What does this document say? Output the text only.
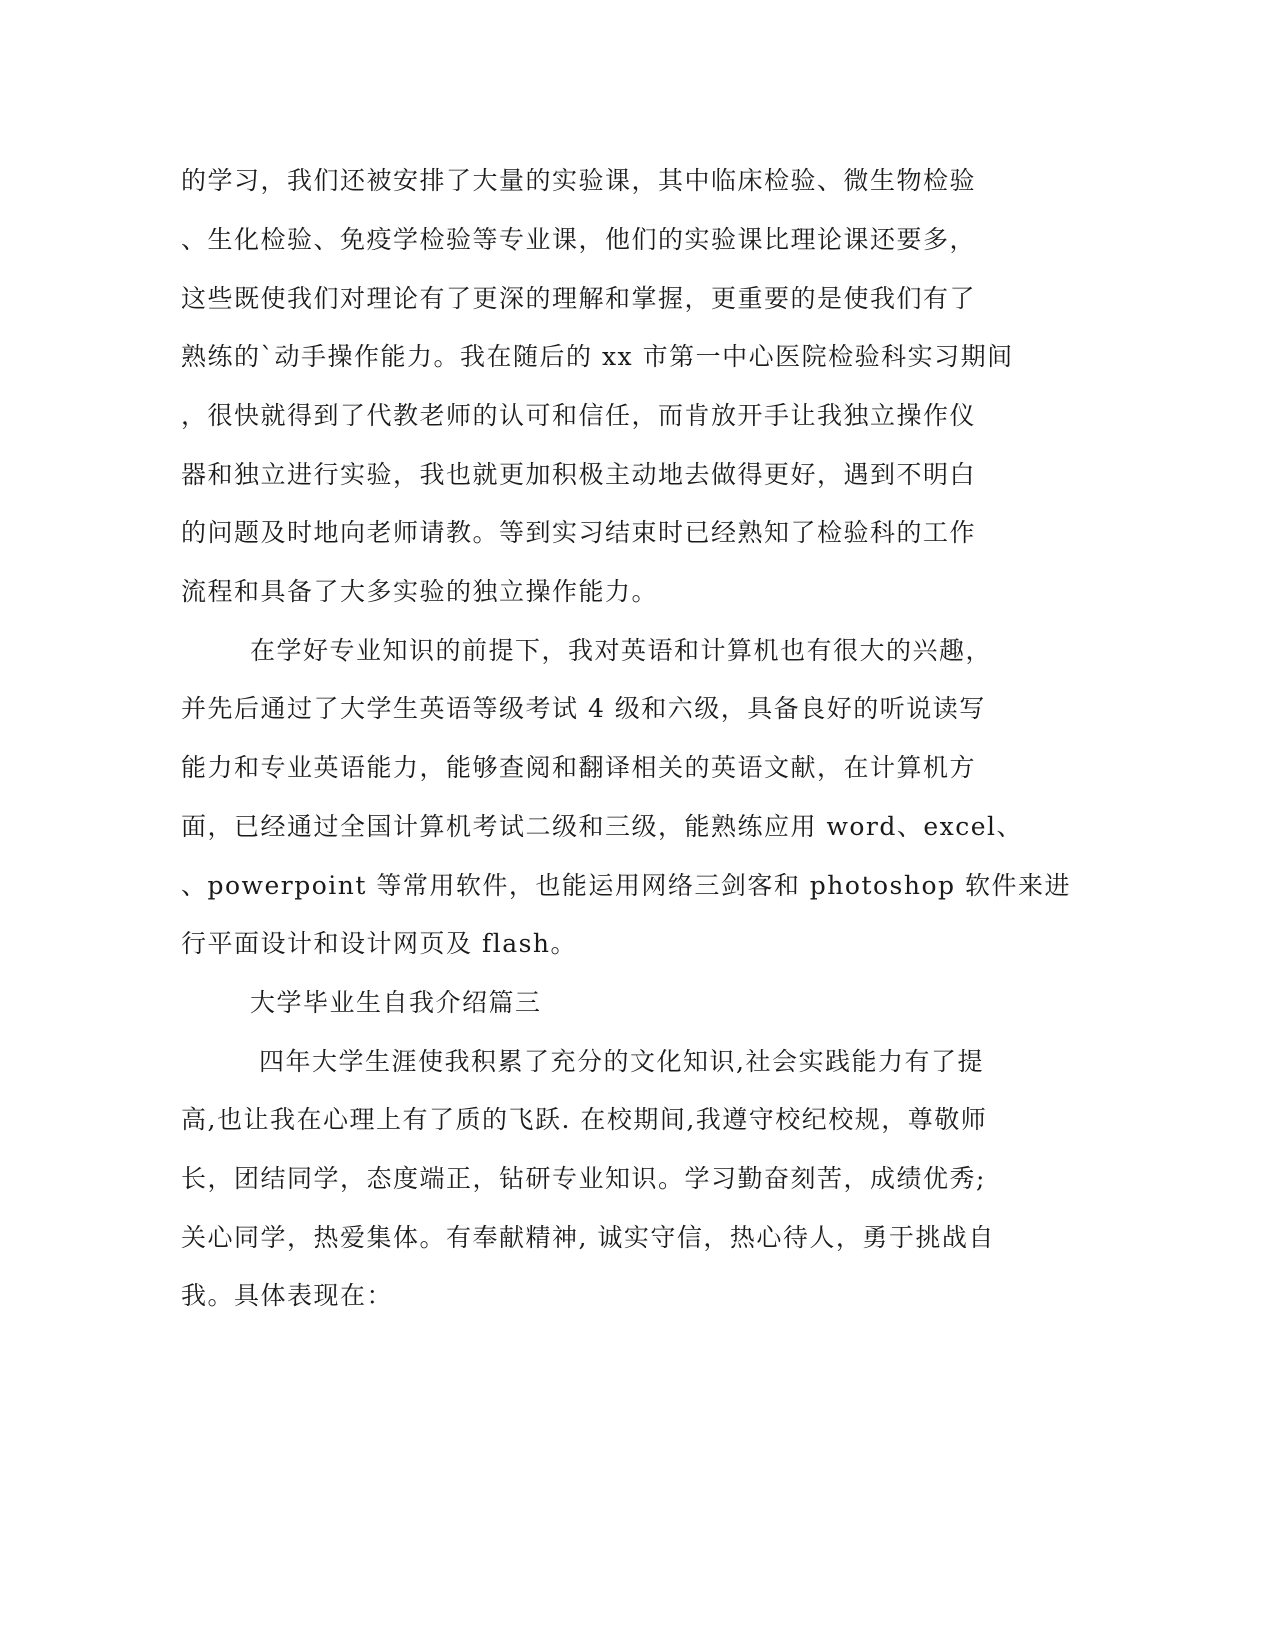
的学习，我们还被安排了大量的实验课，其中临床检验、微生物检验
、生化检验、免疫学检验等专业课，他们的实验课比理论课还要多，
这些既使我们对理论有了更深的理解和掌握，更重要的是使我们有了
熟练的`动手操作能力。我在随后的 xx 市第一中心医院检验科实习期间
，很快就得到了代教老师的认可和信任，而肯放开手让我独立操作仪
器和独立进行实验，我也就更加积极主动地去做得更好，遇到不明白
的问题及时地向老师请教。等到实习结束时已经熟知了检验科的工作
流程和具备了大多实验的独立操作能力。
在学好专业知识的前提下，我对英语和计算机也有很大的兴趣，
并先后通过了大学生英语等级考试 4 级和六级，具备良好的听说读写
能力和专业英语能力，能够查阅和翻译相关的英语文献，在计算机方
面，已经通过全国计算机考试二级和三级，能熟练应用 word、excel、
、powerpoint 等常用软件，也能运用网络三剑客和 photoshop 软件来进
行平面设计和设计网页及 flash。
大学毕业生自我介绍篇三
四年大学生涯使我积累了充分的文化知识,社会实践能力有了提
高,也让我在心理上有了质的飞跃. 在校期间,我遵守校纪校规，尊敬师
长，团结同学，态度端正，钻研专业知识。学习勤奋刻苦，成绩优秀;
关心同学，热爱集体。有奉献精神, 诚实守信，热心待人，勇于挑战自
我。具体表现在：
